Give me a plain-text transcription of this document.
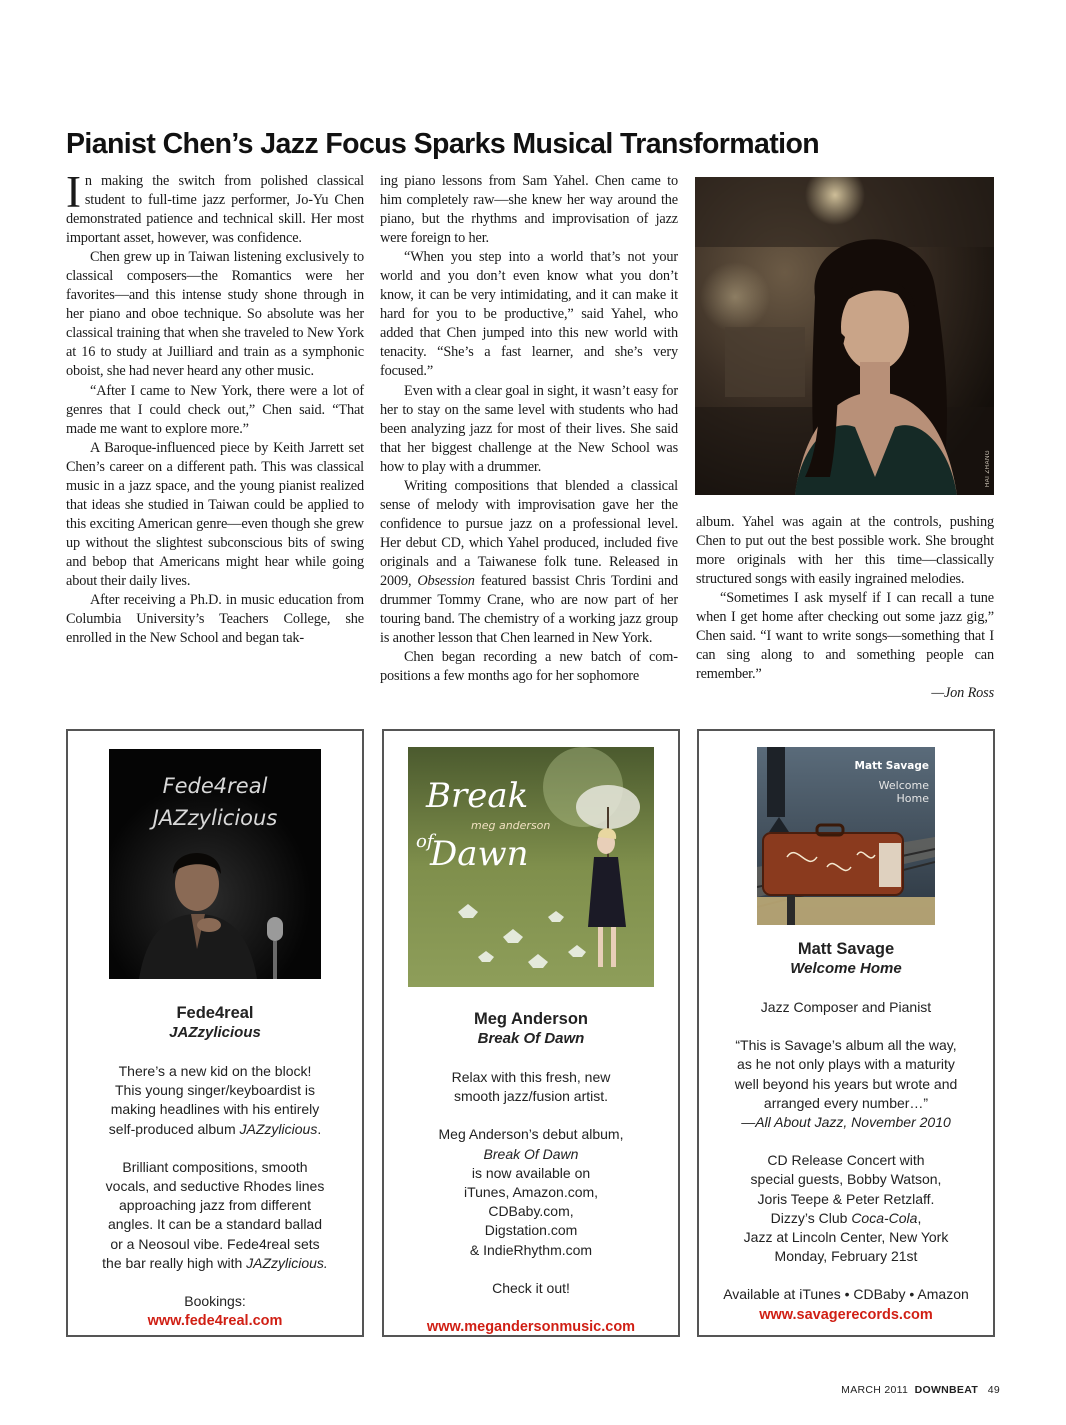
Pianist Chen’s Jazz Focus Sparks Musical Transformation

In making the switch from polished classical student to full-time jazz performer, Jo-Yu Chen demonstrated patience and technical skill. Her most important asset, however, was confidence.

Chen grew up in Taiwan listening exclusively to classical composers—the Romantics were her favorites—and this intense study shone through in her piano and oboe technique. So absolute was her classical training that when she traveled to New York at 16 to study at Juilliard and train as a symphonic oboist, she had never heard any other music.

“After I came to New York, there were a lot of genres that I could check out,” Chen said. “That made me want to explore more.”

A Baroque-influenced piece by Keith Jarrett set Chen’s career on a different path. This was classical music in a jazz space, and the young pianist realized that ideas she studied in Taiwan could be applied to this exciting American genre—even though she grew up without the slightest subconscious bits of swing and bebop that Americans might hear while going about their daily lives.

After receiving a Ph.D. in music education from Columbia University’s Teachers College, she enrolled in the New School and began tak-

ing piano lessons from Sam Yahel. Chen came to him completely raw—she knew her way around the piano, but the rhythms and improvisation of jazz were foreign to her.

“When you step into a world that’s not your world and you don’t even know what you don’t know, it can be very intimidating, and it can make it hard for you to be productive,” said Yahel, who added that Chen jumped into this new world with tenacity. “She’s a fast learner, and she’s very focused.”

Even with a clear goal in sight, it wasn’t easy for her to stay on the same level with students who had been analyzing jazz for most of their lives. She said that her biggest challenge at the New School was how to play with a drummer.

Writing compositions that blended a classical sense of melody with improvisation gave her the confidence to pursue jazz on a professional level. Her debut CD, which Yahel produced, included five originals and a Taiwanese folk tune. Released in 2009, Obsession featured bassist Chris Tordini and drummer Tommy Crane, who are now part of her touring band. The chemistry of a working jazz group is another lesson that Chen learned in New York.

Chen began recording a new batch of compositions a few months ago for her sophomore

HAI ZHANG

album. Yahel was again at the controls, pushing Chen to put out the best possible work. She brought more originals with her this time—classically structured songs with easily ingrained melodies.

“Sometimes I ask myself if I can recall a tune when I get home after checking out some jazz gig,” Chen said. “I want to write songs—something that I can sing along to and something people can remember.”

—Jon Ross

Fede4real
JAZzylicious

Fede4real

JAZzylicious

There’s a new kid on the block!
This young singer/keyboardist is
making headlines with his entirely
self-produced album JAZzylicious.

Brilliant compositions, smooth
vocals, and seductive Rhodes lines
approaching jazz from different
angles. It can be a standard ballad
or a Neosoul vibe. Fede4real sets
the bar really high with JAZzylicious.

Bookings:

www.fede4real.com
Break
meg anderson
of
Dawn

Meg Anderson

Break Of Dawn

Relax with this fresh, new
smooth jazz/fusion artist.

Meg Anderson’s debut album,
Break Of Dawn
is now available on
iTunes, Amazon.com,
CDBaby.com,
Digstation.com
& IndieRhythm.com

Check it out!

www.megandersonmusic.com
Matt Savage
Welcome
Home

Matt Savage

Welcome Home

Jazz Composer and Pianist

“This is Savage’s album all the way,
as he not only plays with a maturity
well beyond his years but wrote and
arranged every number…”
—All About Jazz, November 2010

CD Release Concert with
special guests, Bobby Watson,
Joris Teepe & Peter Retzlaff.
Dizzy’s Club Coca-Cola,
Jazz at Lincoln Center, New York
Monday, February 21st

Available at iTunes • CDBaby • Amazon

www.savagerecords.com
MARCH 2011 DOWNBEAT 49
